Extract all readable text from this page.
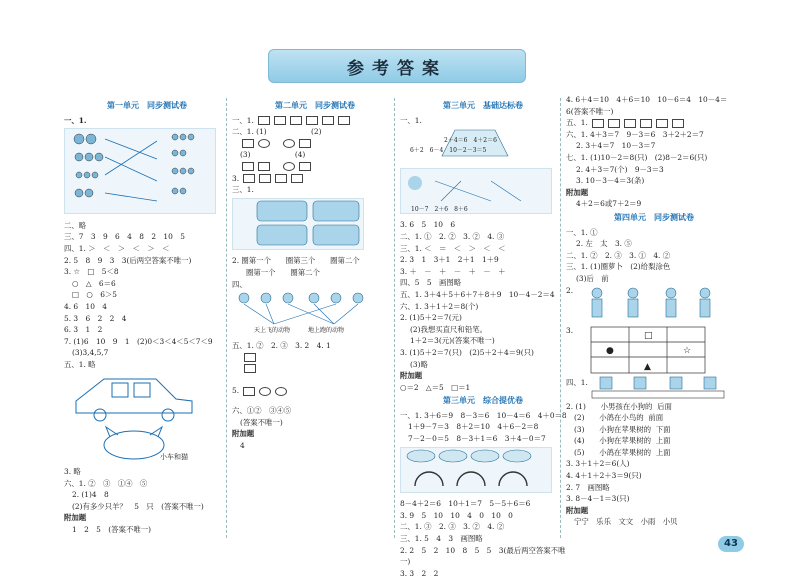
参考答案
第一单元　同步测试卷
一、1.
二、略
三、7　3　9　6　4　8　2　10　5
四、1. ＞　＜　＞　＜　＞　＜
2. 5　8　9　3　3(后两空答案不唯一)
3. ☆　□　5＜8
○　△　6＝6
□　○　6＞5
4. 6　10　4
5. 3　6　2　2　4
6. 3　1　2
7. (1)6　10　9　1　(2)0＜3＜4＜5＜7＜9
(3)3,4,5,7
五、1. 略
小车和猫
3. 略
六、1. ②　③　①④　⑤
2. (1)4　8
(2)有多少只羊？　5　只　(答案不唯一)
附加题
1　2　5　(答案不唯一)
第二单元　同步测试卷
一、1.
二、1. (1)　　　　　　(2)

(3)　　　　　　(4)

3.
三、1.
2. 圈第一个　　圈第三个　　圈第二个
圈第一个　　圈第二个
四、
天上飞的动物　　　地上跑的动物
五、1. ②　2. ③　3. 2　4. 1

5.
六、①②　③④⑤
(答案不唯一)
附加题
4
第三单元　基础达标卷
一、1.
2＋4＝6　4＋2＝6
6＋2　6－4　10－2－3＝5

10－7　2＋6　8＋6
3. 6　5　10　6
二、1. ①　2. ②　3. ②　4. ③
三、1. ＜　＝　＜　＞　＜　＜
2. 3　1　3＋1　2＋1　1＋9
3. ＋　－　＋　－　＋　－　＋
四、5　5　画图略
五、1. 3＋4＋5＋6＋7＋8＋9　10－4－2＝4
六、1. 3＋1＋2＝8(个)
2. (1)5＋2＝7(元)
(2)我想买直尺和铅笔。
1＋2＝3(元)(答案不唯一)
3. (1)5＋2＝7(只)　(2)5＋2＋4＝9(只)
(3)略
附加题
○＝2　△＝5　□＝1
第三单元　综合提优卷
一、1. 3＋6＝9　8－3＝6　10－4＝6　4＋0＝8
1＋9－7＝3　8＋2＝10　4＋6－2＝8
7－2－0＝5　8－3＋1＝6　3＋4－0＝7
8－4＋2＝6　10＋1＝7　5－5＋6＝6
3. 9　5　10　10　4　0　10　0
二、1. ③　2. ③　3. ②　4. ②
三、1. 5　4　3　画图略
2. 2　5　2　10　8　5　5　3(最后两空答案不唯一)
3. 3　2　2
4. 6＋4＝10　4＋6＝10　10－6＝4　10－4＝6(答案不唯一)
五、1.
六、1. 4＋3＝7　9－3＝6　3＋2＋2＝7
2. 3＋4＝7　10－3＝7
七、1. (1)10－2＝8(只)　(2)8－2＝6(只)
2. 4＋3＝7(个)　9－3＝3
3. 10－3－4＝3(条)
附加题
4＋2＝6或7＋2＝9
第四单元　同步测试卷
一、1. ①
2. 左　太　3. ⑤
二、1. ②　2. ③　3. ①　4. ②
三、1. (1)圈萝卜　(2)给梨涂色
(3)后　前
2.
3.
□
☆
●
▲
四、1.
2. (1)　　小男孩在小狗的 后面
(2)　　小鸽在小鸟的 前面
(3)　　小狗在苹果树的 下面
(4)　　小狗在苹果树的 上面
(5)　　小鸽在苹果树的 上面
3. 3＋1＋2＝6(人)
4. 4＋1＋2＋3＝9(只)
2. 7　画图略
3. 8－4－1＝3(只)
附加题
宁宁　乐乐　文文　小雨　小贝
43
